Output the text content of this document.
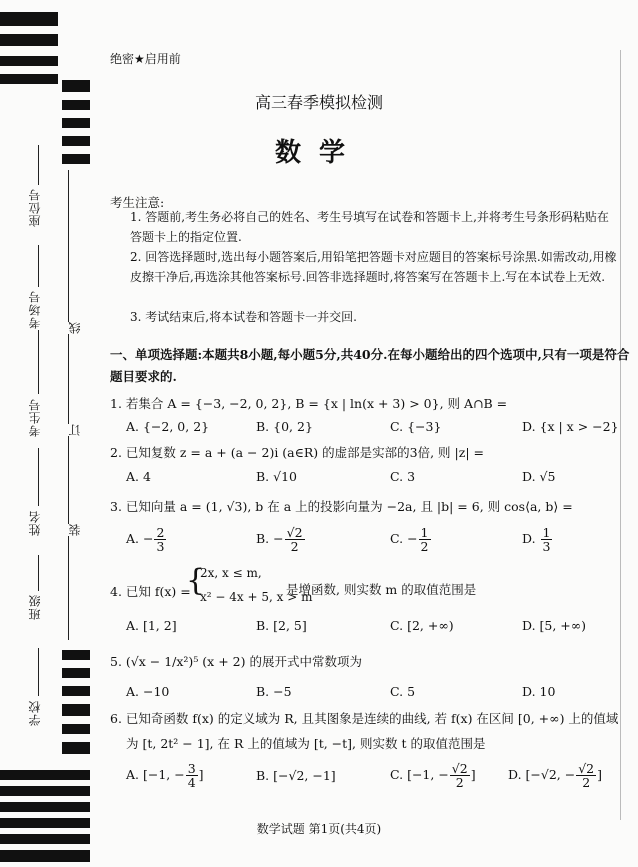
座位号
考场号
考生号
姓名
班级
学校
线
订
装
绝密★启用前
高三春季模拟检测
数学
考生注意:
1. 答题前,考生务必将自己的姓名、考生号填写在试卷和答题卡上,并将考生号条形码粘贴在答题卡上的指定位置.
2. 回答选择题时,选出每小题答案后,用铅笔把答题卡对应题目的答案标号涂黑.如需改动,用橡皮擦干净后,再选涂其他答案标号.回答非选择题时,将答案写在答题卡上.写在本试卷上无效.
3. 考试结束后,将本试卷和答题卡一并交回.
一、单项选择题:本题共8小题,每小题5分,共40分.在每小题给出的四个选项中,只有一项是符合题目要求的.
1. 若集合 A = {−3, −2, 0, 2}, B = {x | ln(x + 3) > 0}, 则 A∩B =
A. {−2, 0, 2}	B. {0, 2}	C. {−3}	D. {x | x > −2}
2. 已知复数 z = a + (a − 2)i (a∈R) 的虚部是实部的3倍, 则 |z| =
A. 4	B. √10	C. 3	D. √5
3. 已知向量 a = (1, √3), b 在 a 上的投影向量为 −2a, 且 |b| = 6, 则 cos⟨a, b⟩ =
A. − $\frac{2}{3}$	B. − $\frac{√2}{2}$	C. − $\frac{1}{2}$	D. $\frac{1}{3}$
4. 已知 f(x) =
{
2x, x ≤ m,
x² − 4x + 5, x > m
是增函数, 则实数 m 的取值范围是
A. [1, 2]	B. [2, 5]	C. [2, +∞)	D. [5, +∞)
5. (√x − 1/x²)⁵ (x + 2) 的展开式中常数项为
A. −10	B. −5	C. 5	D. 10
6. 已知奇函数 f(x) 的定义域为 R, 且其图象是连续的曲线, 若 f(x) 在区间 [0, +∞) 上的值域
为 [t, 2t² − 1], 在 R 上的值域为 [t, −t], 则实数 t 的取值范围是
A. [−1, − $\frac{3}{4}$ ]	B. [−√2, −1]	C. [−1, − $\frac{√2}{2}$ ]	D. [−√2, − $\frac{√2}{2}$ ]
数学试题 第1页(共4页)
